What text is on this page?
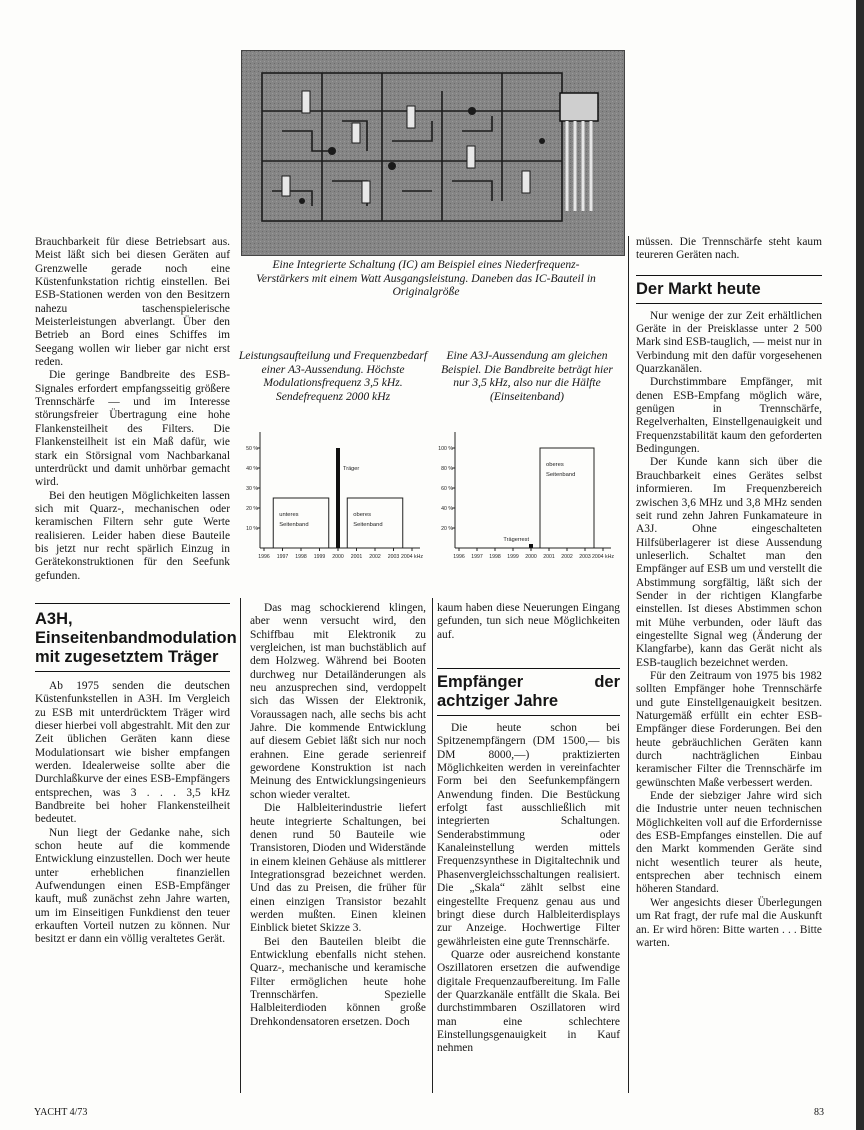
Eine Integrierte Schaltung (IC) am Beispiel eines Niederfrequenz-Verstärkers mit einem Watt Ausgangsleistung. Daneben das IC-Bauteil in Originalgröße

Brauchbarkeit für diese Betriebsart aus. Meist läßt sich bei diesen Geräten auf Grenzwelle gerade noch eine Küstenfunkstation richtig einstellen. Bei ESB-Stationen werden von den Besitzern nahezu taschenspielerische Meisterleistungen abverlangt. Über den Betrieb an Bord eines Schiffes im Seegang wollen wir lieber gar nicht erst reden.

Die geringe Bandbreite des ESB-Signales erfordert empfangsseitig größere Trennschärfe — und im Interesse störungsfreier Übertragung eine hohe Flankensteilheit des Filters. Die Flankensteilheit ist ein Maß dafür, wie stark ein Störsignal vom Nachbarkanal unterdrückt und damit unhörbar gemacht wird.

Bei den heutigen Möglichkeiten lassen sich mit Quarz-, mechanischen oder keramischen Filtern sehr gute Werte realisieren. Leider haben diese Bauteile bis jetzt nur recht spärlich Einzug in Gerätekonstruktionen für den Seefunk gefunden.

A3H, Einseitenbandmodulation mit zugesetztem Träger

Ab 1975 senden die deutschen Küstenfunkstellen in A3H. Im Vergleich zu ESB mit unterdrücktem Träger wird dieser hierbei voll abgestrahlt. Mit den zur Zeit üblichen Geräten kann diese Modulationsart wie bisher empfangen werden. Idealerweise sollte aber die Durchlaßkurve der eines ESB-Empfängers entsprechen, was 3 . . . 3,5 kHz Bandbreite bei hoher Flankensteilheit bedeutet.

Nun liegt der Gedanke nahe, sich schon heute auf die kommende Entwicklung einzustellen. Doch wer heute unter erheblichen finanziellen Aufwendungen einen ESB-Empfänger kauft, muß zunächst zehn Jahre warten, um im Einseitigen Funkdienst den teuer erkauften Vorteil nutzen zu können. Nur besitzt er dann ein völlig veraltetes Gerät.

Leistungsaufteilung und Frequenzbedarf einer A3-Aussendung. Höchste Modulationsfrequenz 3,5 kHz. Sendefrequenz 2000 kHz
Eine A3J-Aussendung am gleichen Beispiel. Die Bandbreite beträgt hier nur 3,5 kHz, also nur die Hälfte (Einseitenband)
50 %
40 %
30 %
20 %
10 %
1996 1997 1998 1999 2000 2001 2002 2003 2004 kHz
unteres
Seitenband
oberes
Seitenband
Träger
100 %
80 %
60 %
40 %
20 %
1996 1997 1998 1999 2000 2001 2002 2003 2004 kHz
oberes
Seitenband
Trägerrest

Das mag schockierend klingen, aber wenn versucht wird, den Schiffbau mit Elektronik zu vergleichen, ist man buchstäblich auf dem Holzweg. Während bei Booten durchweg nur Detailänderungen als neu anzusprechen sind, verdoppelt sich das Wissen der Elektronik, Voraussagen nach, alle sechs bis acht Jahre. Die kommende Entwicklung auf diesem Gebiet läßt sich nur noch erahnen. Eine gerade serienreif gewordene Konstruktion ist nach Meinung des Entwicklungsingenieurs schon wieder veraltet.

Die Halbleiterindustrie liefert heute integrierte Schaltungen, bei denen rund 50 Bauteile wie Transistoren, Dioden und Widerstände in einem kleinen Gehäuse als mittlerer Integrationsgrad bezeichnet werden. Und das zu Preisen, die früher für einen einzigen Transistor bezahlt werden mußten. Einen kleinen Einblick bietet Skizze 3.

Bei den Bauteilen bleibt die Entwicklung ebenfalls nicht stehen. Quarz-, mechanische und keramische Filter ermöglichen heute hohe Trennschärfen. Spezielle Halbleiterdioden können große Drehkondensatoren ersetzen. Doch

kaum haben diese Neuerungen Eingang gefunden, tun sich neue Möglichkeiten auf.

Empfänger der achtziger Jahre

Die heute schon bei Spitzenempfängern (DM 1500,— bis DM 8000,—) praktizierten Möglichkeiten werden in vereinfachter Form bei den Seefunkempfängern Anwendung finden. Die Bestückung erfolgt fast ausschließlich mit integrierten Schaltungen. Senderabstimmung oder Kanaleinstellung werden mittels Frequenzsynthese in Digitaltechnik und Phasenvergleichsschaltungen realisiert. Die „Skala“ zählt selbst eine eingestellte Frequenz genau aus und bringt diese durch Halbleiterdisplays zur Anzeige. Hochwertige Filter gewährleisten eine gute Trennschärfe.

Quarze oder ausreichend konstante Oszillatoren ersetzen die aufwendige digitale Frequenzaufbereitung. Im Falle der Quarzkanäle entfällt die Skala. Bei durchstimmbaren Oszillatoren wird man eine schlechtere Einstellungsgenauigkeit in Kauf nehmen

müssen. Die Trennschärfe steht kaum teureren Geräten nach.

Der Markt heute

Nur wenige der zur Zeit erhältlichen Geräte in der Preisklasse unter 2 500 Mark sind ESB-tauglich, — meist nur in Verbindung mit den dafür vorgesehenen Quarzkanälen.

Durchstimmbare Empfänger, mit denen ESB-Empfang möglich wäre, genügen in Trennschärfe, Regelverhalten, Einstellgenauigkeit und Frequenzstabilität kaum den geforderten Bedingungen.

Der Kunde kann sich über die Brauchbarkeit eines Gerätes selbst informieren. Im Frequenzbereich zwischen 3,6 MHz und 3,8 MHz senden seit rund zehn Jahren Funkamateure in A3J. Ohne eingeschalteten Hilfsüberlagerer ist diese Aussendung unleserlich. Schaltet man den Empfänger auf ESB um und verstellt die Abstimmung sorgfältig, läßt sich der Sender in der richtigen Klangfarbe einstellen. Ist dieses Abstimmen schon mit Mühe verbunden, oder läuft das eingestellte Signal weg (Änderung der Klangfarbe), kann das Gerät nicht als ESB-tauglich bezeichnet werden.

Für den Zeitraum von 1975 bis 1982 sollten Empfänger hohe Trennschärfe und gute Einstellgenauigkeit besitzen. Naturgemäß erfüllt ein echter ESB-Empfänger diese Forderungen. Bei den heute gebräuchlichen Geräten kann durch nachträglichen Einbau keramischer Filter die Trennschärfe im gewünschten Maße verbessert werden.

Ende der siebziger Jahre wird sich die Industrie unter neuen technischen Möglichkeiten voll auf die Erfordernisse des ESB-Empfanges einstellen. Die auf den Markt kommenden Geräte sind nicht wesentlich teurer als heute, entsprechen aber technisch einem höheren Standard.

Wer angesichts dieser Überlegungen um Rat fragt, der rufe mal die Auskunft an. Er wird hören: Bitte warten . . . Bitte warten.

YACHT 4/73	83
